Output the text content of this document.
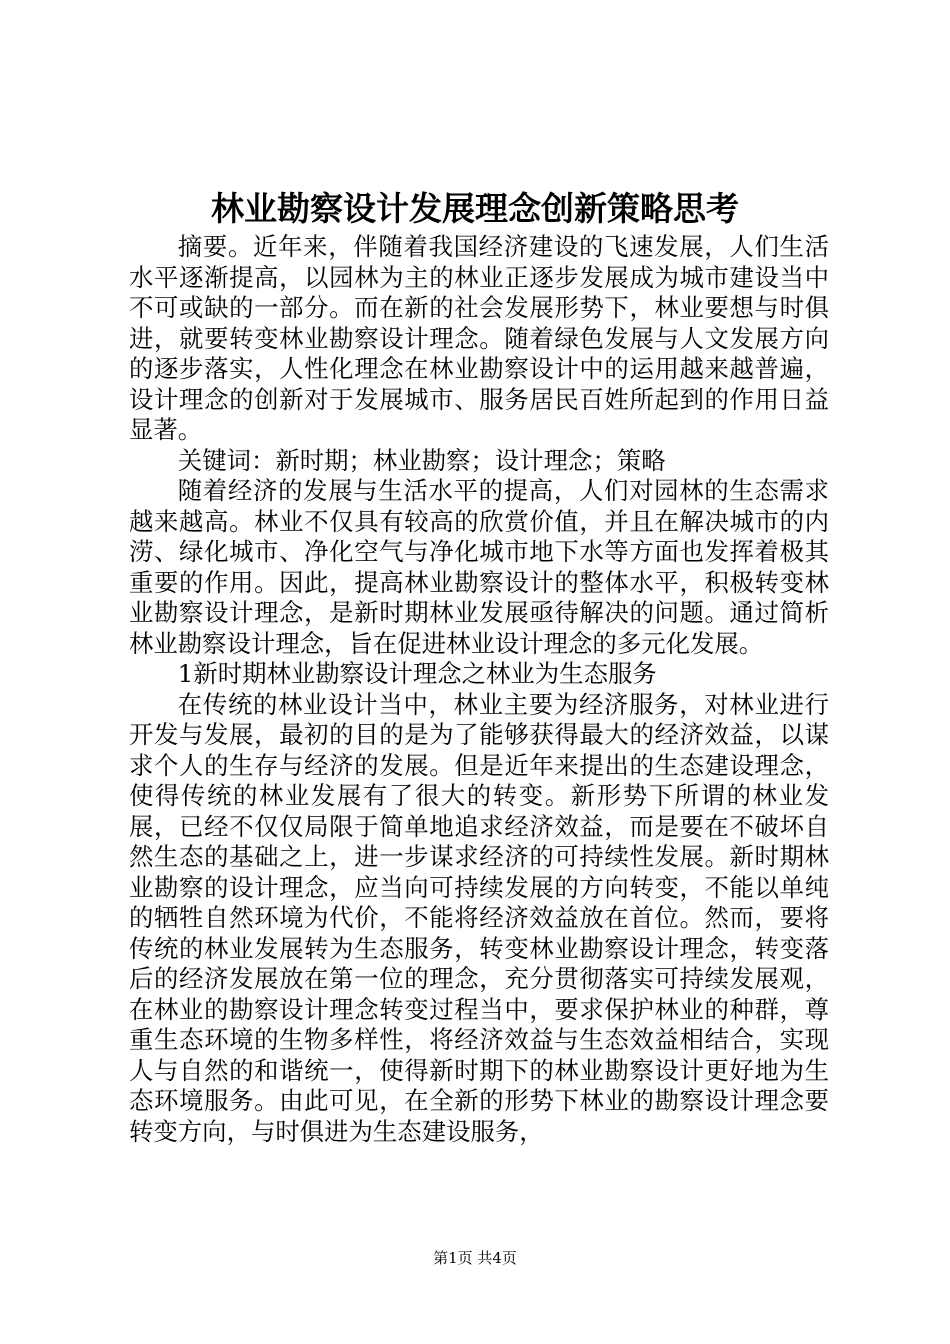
林业勘察设计发展理念创新策略思考

摘要。近年来，伴随着我国经济建设的飞速发展，人们生活水平逐渐提高，以园林为主的林业正逐步发展成为城市建设当中不可或缺的一部分。而在新的社会发展形势下，林业要想与时俱进，就要转变林业勘察设计理念。随着绿色发展与人文发展方向的逐步落实，人性化理念在林业勘察设计中的运用越来越普遍，设计理念的创新对于发展城市、服务居民百姓所起到的作用日益显著。

关键词：新时期；林业勘察；设计理念；策略

随着经济的发展与生活水平的提高，人们对园林的生态需求越来越高。林业不仅具有较高的欣赏价值，并且在解决城市的内涝、绿化城市、净化空气与净化城市地下水等方面也发挥着极其重要的作用。因此，提高林业勘察设计的整体水平，积极转变林业勘察设计理念，是新时期林业发展亟待解决的问题。通过简析林业勘察设计理念，旨在促进林业设计理念的多元化发展。

1新时期林业勘察设计理念之林业为生态服务

在传统的林业设计当中，林业主要为经济服务，对林业进行开发与发展，最初的目的是为了能够获得最大的经济效益，以谋求个人的生存与经济的发展。但是近年来提出的生态建设理念，使得传统的林业发展有了很大的转变。新形势下所谓的林业发展，已经不仅仅局限于简单地追求经济效益，而是要在不破坏自然生态的基础之上，进一步谋求经济的可持续性发展。新时期林业勘察的设计理念，应当向可持续发展的方向转变，不能以单纯的牺牲自然环境为代价，不能将经济效益放在首位。然而，要将传统的林业发展转为生态服务，转变林业勘察设计理念，转变落后的经济发展放在第一位的理念，充分贯彻落实可持续发展观，在林业的勘察设计理念转变过程当中，要求保护林业的种群，尊重生态环境的生物多样性，将经济效益与生态效益相结合，实现人与自然的和谐统一，使得新时期下的林业勘察设计更好地为生态环境服务。由此可见，在全新的形势下林业的勘察设计理念要转变方向，与时俱进为生态建设服务，

第1页 共4页
